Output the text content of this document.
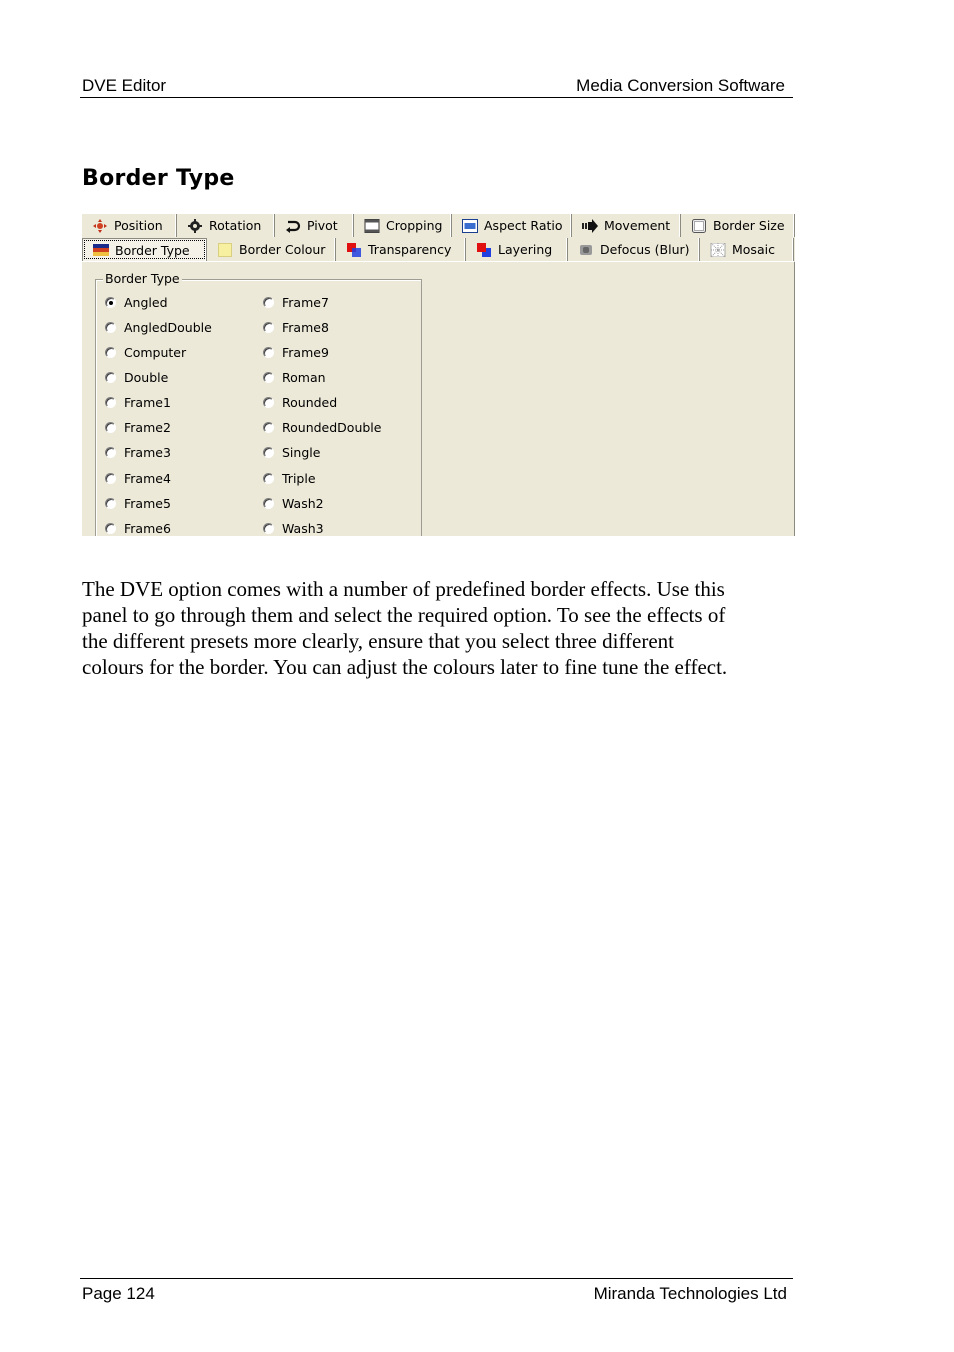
DVE Editor	Media Conversion Software
Border Type
Position	Rotation	Pivot	Cropping	Aspect Ratio	Movement	Border Size
Border Type	Border Colour	Transparency	Layering	Defocus (Blur)	Mosaic
Border Type
Angled
AngledDouble
Computer
Double
Frame1
Frame2
Frame3
Frame4
Frame5
Frame6
Frame7
Frame8
Frame9
Roman
Rounded
RoundedDouble
Single
Triple
Wash2
Wash3
The DVE option comes with a number of predefined border effects. Use this
panel to go through them and select the required option. To see the effects of
the different presets more clearly, ensure that you select three different
colours for the border. You can adjust the colours later to fine tune the effect.
Page 124	Miranda Technologies Ltd
